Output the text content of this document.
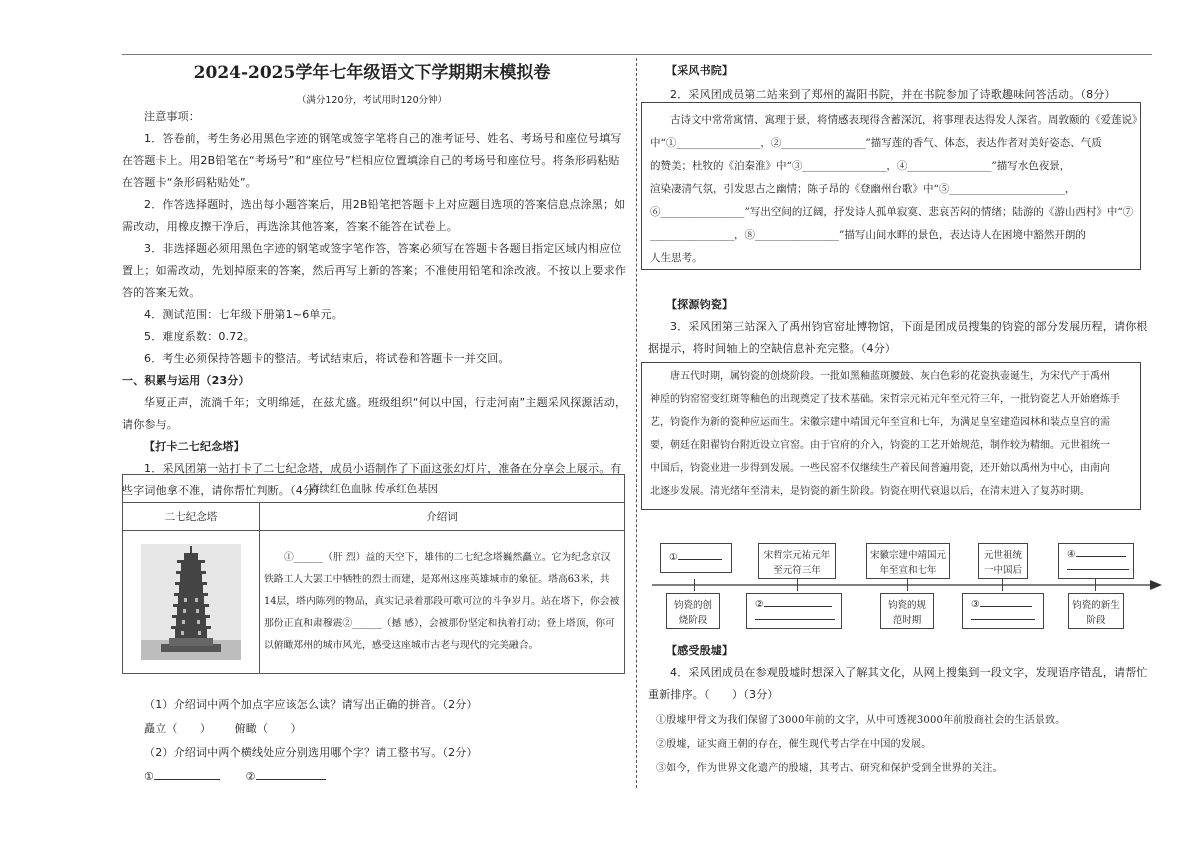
2024-2025学年七年级语文下学期期末模拟卷
（满分120分，考试用时120分钟）
注意事项：
1．答卷前，考生务必用黑色字迹的钢笔或签字笔将自己的准考证号、姓名、考场号和座位号填写在答题卡上。用2B铅笔在“考场号”和“座位号”栏相应位置填涂自己的考场号和座位号。将条形码粘贴在答题卡“条形码粘贴处”。
2．作答选择题时，选出每小题答案后，用2B铅笔把答题卡上对应题目选项的答案信息点涂黑；如需改动，用橡皮擦干净后，再选涂其他答案，答案不能答在试卷上。
3．非选择题必须用黑色字迹的钢笔或签字笔作答，答案必须写在答题卡各题目指定区域内相应位置上；如需改动，先划掉原来的答案，然后再写上新的答案；不准使用铅笔和涂改液。不按以上要求作答的答案无效。
4．测试范围：七年级下册第1~6单元。
5．难度系数：0.72。
6．考生必须保持答题卡的整洁。考试结束后，将试卷和答题卡一并交回。
一、积累与运用（23分）
华夏正声，流淌千年；文明绵延，在兹尤盛。班级组织“何以中国，行走河南”主题采风探源活动，请你参与。
【打卡二七纪念塔】
1．采风团第一站打卡了二七纪念塔，成员小语制作了下面这张幻灯片，准备在分享会上展示。有些字词他拿不准，请你帮忙判断。（4分）
赓续红色血脉 传承红色基因	
二七纪念塔	介绍词

①______（肝 烈）益的天空下，雄伟的二七纪念塔巍然矗立。它为纪念京汉铁路工人大罢工中牺牲的烈士而建，是郑州这座英雄城市的象征。塔高63米，共14层，塔内陈列的物品，真实记录着那段可歌可泣的斗争岁月。站在塔下，你会被那份正直和肃穆震②______（撼 感），会被那份坚定和执着打动；登上塔顶，你可以俯瞰郑州的城市风光，感受这座城市古老与现代的完美融合。
（1）介绍词中两个加点字应该怎么读？请写出正确的拼音。（2分）
矗立（　　） 俯瞰（　　）
（2）介绍词中两个横线处应分别选用哪个字？请工整书写。（2分）
①	②
【采风书院】
2．采风团成员第二站来到了郑州的嵩阳书院，并在书院参加了诗歌趣味问答活动。（8分）
古诗文中常常寓情、寓理于景，将情感表现得含蓄深沉，将事理表达得发人深省。周敦颐的《爱莲说》
中“①________________，②________________”描写莲的香气、体态，表达作者对美好姿态、气质
的赞美；杜牧的《泊秦淮》中“③________________，④________________”描写水色夜景，
渲染凄清气氛，引发思古之幽情；陈子昂的《登幽州台歌》中“⑤______________________，
⑥________________”写出空间的辽阔，抒发诗人孤单寂寞、悲哀苦闷的情绪；陆游的《游山西村》中“⑦
________________，⑧________________”描写山间水畔的景色，表达诗人在困境中豁然开朗的
人生思考。
【探源钧瓷】
3．采风团第三站深入了禹州钧官窑址博物馆，下面是团成员搜集的钧瓷的部分发展历程，请你根据提示，将时间轴上的空缺信息补充完整。（4分）
唐五代时期，属钧瓷的创烧阶段。一批如黑釉蓝斑腰鼓、灰白色彩的花瓷执壶诞生，为宋代产于禹州
神垕的钧窑窑变红斑等釉色的出现奠定了技术基础。宋哲宗元祐元年至元符三年，一批钧瓷艺人开始磨炼手
艺，钧瓷作为新的瓷种应运而生。宋徽宗建中靖国元年至宣和七年，为满足皇室建造园林和装点皇宫的需
要，朝廷在阳翟钧台附近设立官窑。由于官府的介入，钧瓷的工艺开始规范，制作较为精细。元世祖统一
中国后，钧瓷业进一步得到发展。一些民窑不仅继续生产着民间普遍用瓷，还开始以禹州为中心，由南向
北逐步发展。清光绪年至清末，是钧瓷的新生阶段。钧瓷在明代衰退以后，在清末进入了复苏时期。
①	宋哲宗元祐元年至元符三年
宋徽宗建中靖国元年至宣和七年
元世祖统一中国后
④

钧瓷的创烧阶段
②	钧瓷的规范时期
③	钧瓷的新生阶段
【感受殷墟】
4．采风团成员在参观殷墟时想深入了解其文化，从网上搜集到一段文字，发现语序错乱，请帮忙重新排序。（　　）（3分）
①殷墟甲骨文为我们保留了3000年前的文字，从中可透视3000年前殷商社会的生活景致。
②殷墟，证实商王朝的存在，催生现代考古学在中国的发展。
③如今，作为世界文化遗产的殷墟，其考古、研究和保护受到全世界的关注。
